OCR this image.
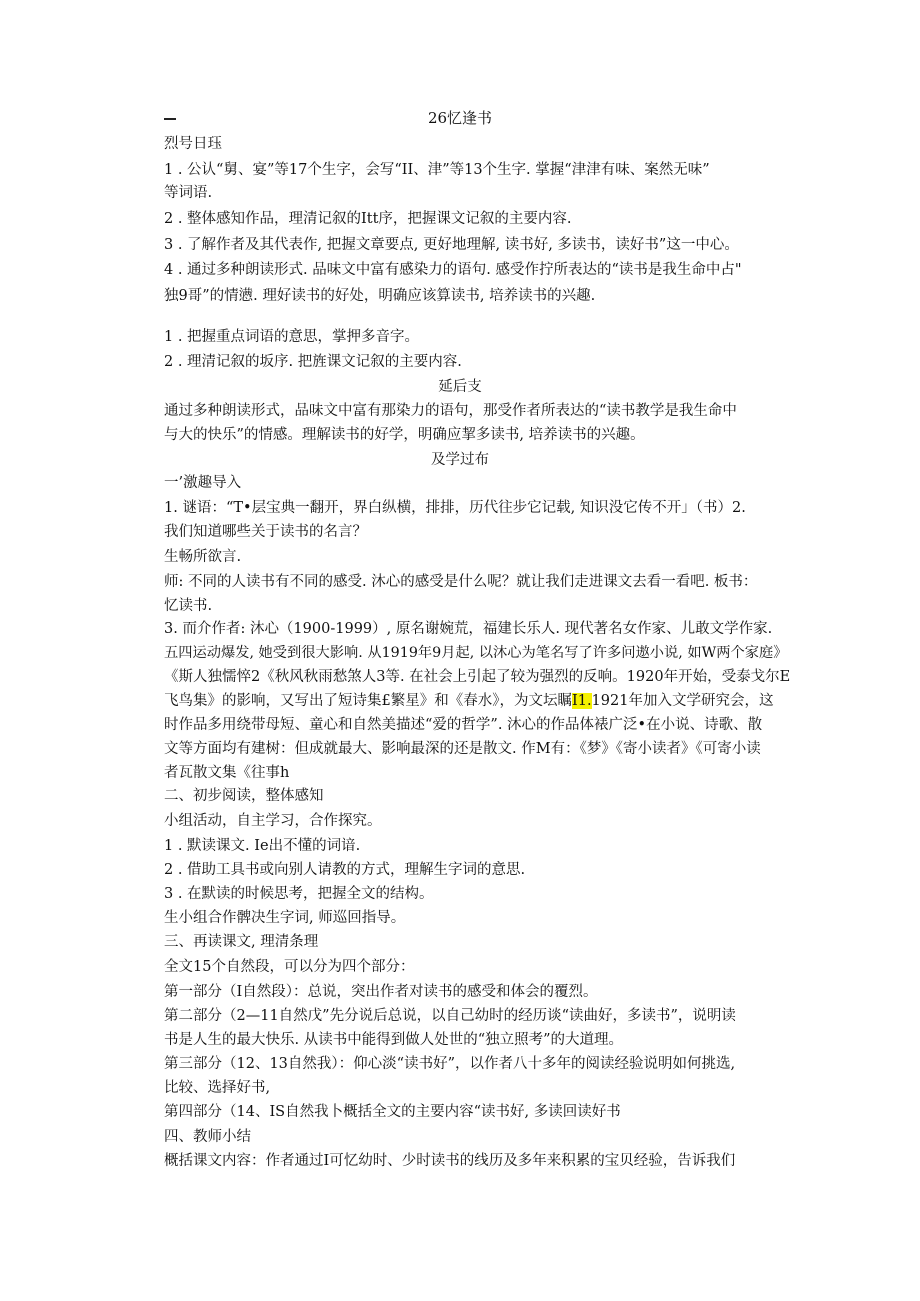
26忆逢书
烈号日珏
1 . 公认“舅、宴”等17个生字，会写“II、津”等13个生字. 掌握“津津有味、案然无味”
等词语.
2 . 整体感知作品，理清记叙的Itt序，把握课文记叙的主要内容.
3 . 了解作者及其代表作, 把握文章要点, 更好地理解, 读书好, 多读书，读好书”这一中心。
4 . 通过多种朗读形式. 品味文中富有感染力的语句. 感受作拧所表达的“读书是我生命中占"
独9哥”的情懑. 理好读书的好处，明确应该算读书, 培养读书的兴趣.
1 . 把握重点词语的意思，掌押多音字。
2 . 理清记叙的坂序. 把旌课文记叙的主要内容.
延后支
通过多种朗读形式，品味文中富有那染力的语句，那受作者所表达的“读书教学是我生命中
与大的快乐”的情感。理解读书的好学，明确应挈多读书, 培养读书的兴趣。
及学过布
一’激趣导入
1. 谜语：“T•层宝典一翻开，界白纵横，排排，历代往步它记载, 知识没它传不开」（书）2.
我们知道哪些关于读书的名言？
生畅所欲言.
师: 不同的人读书有不同的感受. 沐心的感受是什么呢？就让我们走进课文去看一看吧. 板书：
忆读书.
3. 而介作者: 沐心（1900-1999）, 原名谢婉荒，福建长乐人. 现代著名女作家、儿敢文学作家.
五四运动爆发, 她受到很大影响. 从1919年9月起, 以沐心为笔名写了许多问遨小说, 如W两个家庭》
《斯人独懦悴2《秋风秋雨愁煞人3等. 在社会上引起了较为强烈的反响。1920年开始，受泰戈尔E
飞鸟集》的影响，又写出了短诗集£繁星》和《春水》，为文坛瞩I1.1921年加入文学研究会，这
时作品多用绕带母短、童心和自然美描述“爱的哲学”. 沐心的作品体裱广泛•在小说、诗歌、散
文等方面均有建树：但成就最大、影响最深的还是散文. 作M有：《梦》《寄小读者》《可寄小读
者瓦散文集《往事h
二、初步阅读，整体感知
小组活动，自主学习，合作探究。
1 . 默读课文. Ie出不懂的词谙.
2 . 借助工具书或向别人请教的方式，理解生字词的意思.
3 . 在默读的时候思考，把握全文的结构。
生小组合作髀决生字词, 师巡回指导。
三、再读课文, 理清条理
全文15个自然段，可以分为四个部分：
第一部分（I自然段）：总说，突出作者对读书的感受和体会的覆烈。
第二部分（2—11自然戊”先分说后总说，以自己幼时的经历谈“读曲好，多读书”，说明读
书是人生的最大快乐. 从读书中能得到做人处世的“独立照考”的大道理。
第三部分（12、13自然我）：仰心淡“读书好”，以作者八十多年的阅读经验说明如何挑选,
比较、选择好书,
第四部分（14、IS自然我卜概括全文的主要内容“读书好, 多读回读好书
四、教师小结
概括课文内容：作者通过I可忆幼时、少时读书的线历及多年来积累的宝贝经验，告诉我们
